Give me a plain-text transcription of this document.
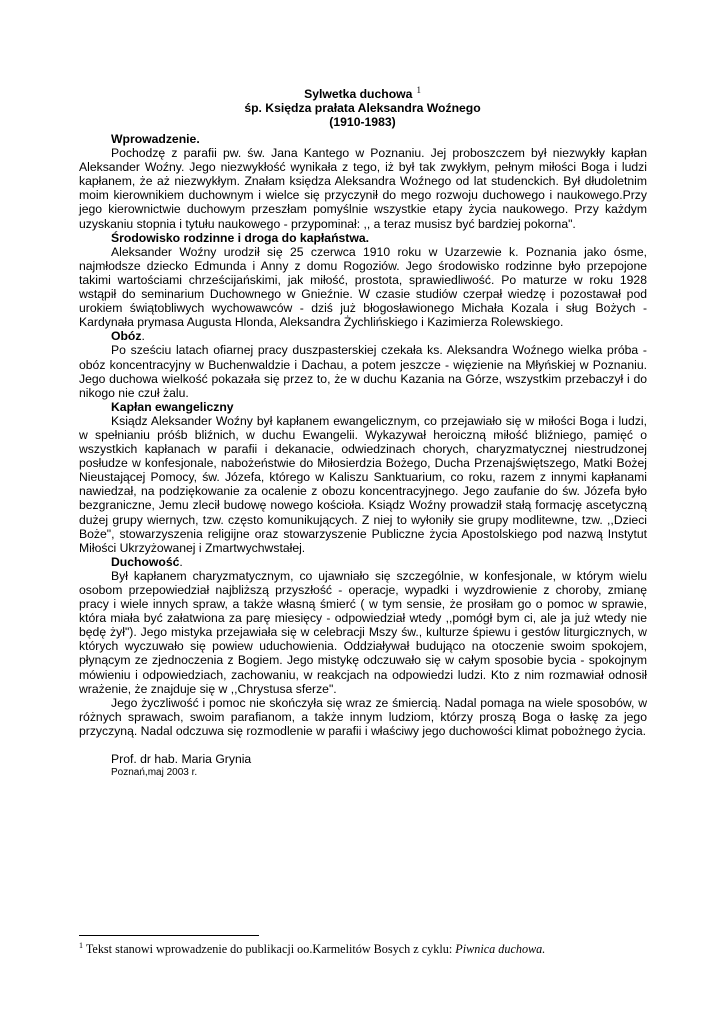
Sylwetka duchowa $^1$
śp. Księdza prałata Aleksandra Woźnego
(1910-1983)

Wprowadzenie.

Pochodzę z parafii pw. św. Jana Kantego w Poznaniu. Jej proboszczem był niezwykły kapłan Aleksander Woźny. Jego niezwykłość wynikała z tego, iż był tak zwykłym, pełnym miłości Boga i ludzi kapłanem, że aż niezwykłym. Znałam księdza Aleksandra Woźnego od lat studenckich. Był dłudoletnim moim kierownikiem duchownym i wielce się przyczynił do mego rozwoju duchowego i naukowego.Przy jego kierownictwie duchowym przeszłam pomyślnie wszystkie etapy życia naukowego. Przy każdym uzyskaniu stopnia i tytułu naukowego - przypominał: ,, a teraz musisz być bardziej pokorna".

Środowisko rodzinne i droga do kapłaństwa.

Aleksander Woźny urodził się 25 czerwca 1910 roku w Uzarzewie k. Poznania jako ósme, najmłodsze dziecko Edmunda i Anny z domu Rogoziów. Jego środowisko rodzinne było przepojone takimi wartościami chrześcijańskimi, jak miłość, prostota, sprawiedliwość. Po maturze w roku 1928 wstąpił do seminarium Duchownego w Gnieźnie. W czasie studiów czerpał wiedzę i pozostawał pod urokiem świątobliwych wychowawców - dziś już błogosławionego Michała Kozala i sług Bożych - Kardynała prymasa Augusta Hlonda, Aleksandra Żychlińskiego i Kazimierza Rolewskiego.

Obóz.

Po sześciu latach ofiarnej pracy duszpasterskiej czekała ks. Aleksandra Woźnego wielka próba - obóz koncentracyjny w Buchenwaldzie i Dachau, a potem jeszcze - więzienie na Młyńskiej w Poznaniu. Jego duchowa wielkość pokazała się przez to, że w duchu Kazania na Górze, wszystkim przebaczył i do nikogo nie czuł żalu.

Kapłan ewangeliczny

Ksiądz Aleksander Woźny był kapłanem ewangelicznym, co przejawiało się w miłości Boga i ludzi, w spełnianiu próśb bliźnich, w duchu Ewangelii. Wykazywał heroiczną miłość bliźniego, pamięć o wszystkich kapłanach w parafii i dekanacie, odwiedzinach chorych, charyzmatycznej niestrudzonej posłudze w konfesjonale, nabożeństwie do Miłosierdzia Bożego, Ducha Przenajświętszego, Matki Bożej Nieustającej Pomocy, św. Józefa, którego w Kaliszu Sanktuarium, co roku, razem z innymi kapłanami nawiedzał, na podziękowanie za ocalenie z obozu koncentracyjnego. Jego zaufanie do św. Józefa było bezgraniczne, Jemu zlecił budowę nowego kościoła. Ksiądz Woźny prowadził stałą formację ascetyczną dużej grupy wiernych, tzw. często komunikujących. Z niej to wyłoniły sie grupy modlitewne, tzw. ,,Dzieci Boże", stowarzyszenia religijne oraz stowarzyszenie Publiczne życia Apostolskiego pod nazwą Instytut Miłości Ukrzyżowanej i Zmartwychwstałej.

Duchowość.

Był kapłanem charyzmatycznym, co ujawniało się szczególnie, w konfesjonale, w którym wielu osobom przepowiedział najbliższą przyszłość - operacje, wypadki i wyzdrowienie z choroby, zmianę pracy i wiele innych spraw, a także własną śmierć ( w tym sensie, że prosiłam go o pomoc w sprawie, która miała być załatwiona za parę miesięcy - odpowiedział wtedy ,,pomógł bym ci, ale ja już wtedy nie będę żył"). Jego mistyka przejawiała się w celebracji Mszy św., kulturze śpiewu i gestów liturgicznych, w których wyczuwało się powiew uduchowienia. Oddziaływał budująco na otoczenie swoim spokojem, płynącym ze zjednoczenia z Bogiem. Jego mistykę odczuwało się w całym sposobie bycia - spokojnym mówieniu i odpowiedziach, zachowaniu, w reakcjach na odpowiedzi ludzi. Kto z nim rozmawiał odnosił wrażenie, że znajduje się w ,,Chrystusa sferze".

Jego życzliwość i pomoc nie skończyła się wraz ze śmiercią. Nadal pomaga na wiele sposobów, w różnych sprawach, swoim parafianom, a także innym ludziom, którzy proszą Boga o łaskę za jego przyczyną. Nadal odczuwa się rozmodlenie w parafii i właściwy jego duchowości klimat pobożnego życia.

Prof. dr hab. Maria Grynia

Poznań,maj 2003 r.

$^1$ Tekst stanowi wprowadzenie do publikacji oo.Karmelitów Bosych z cyklu: Piwnica duchowa.
